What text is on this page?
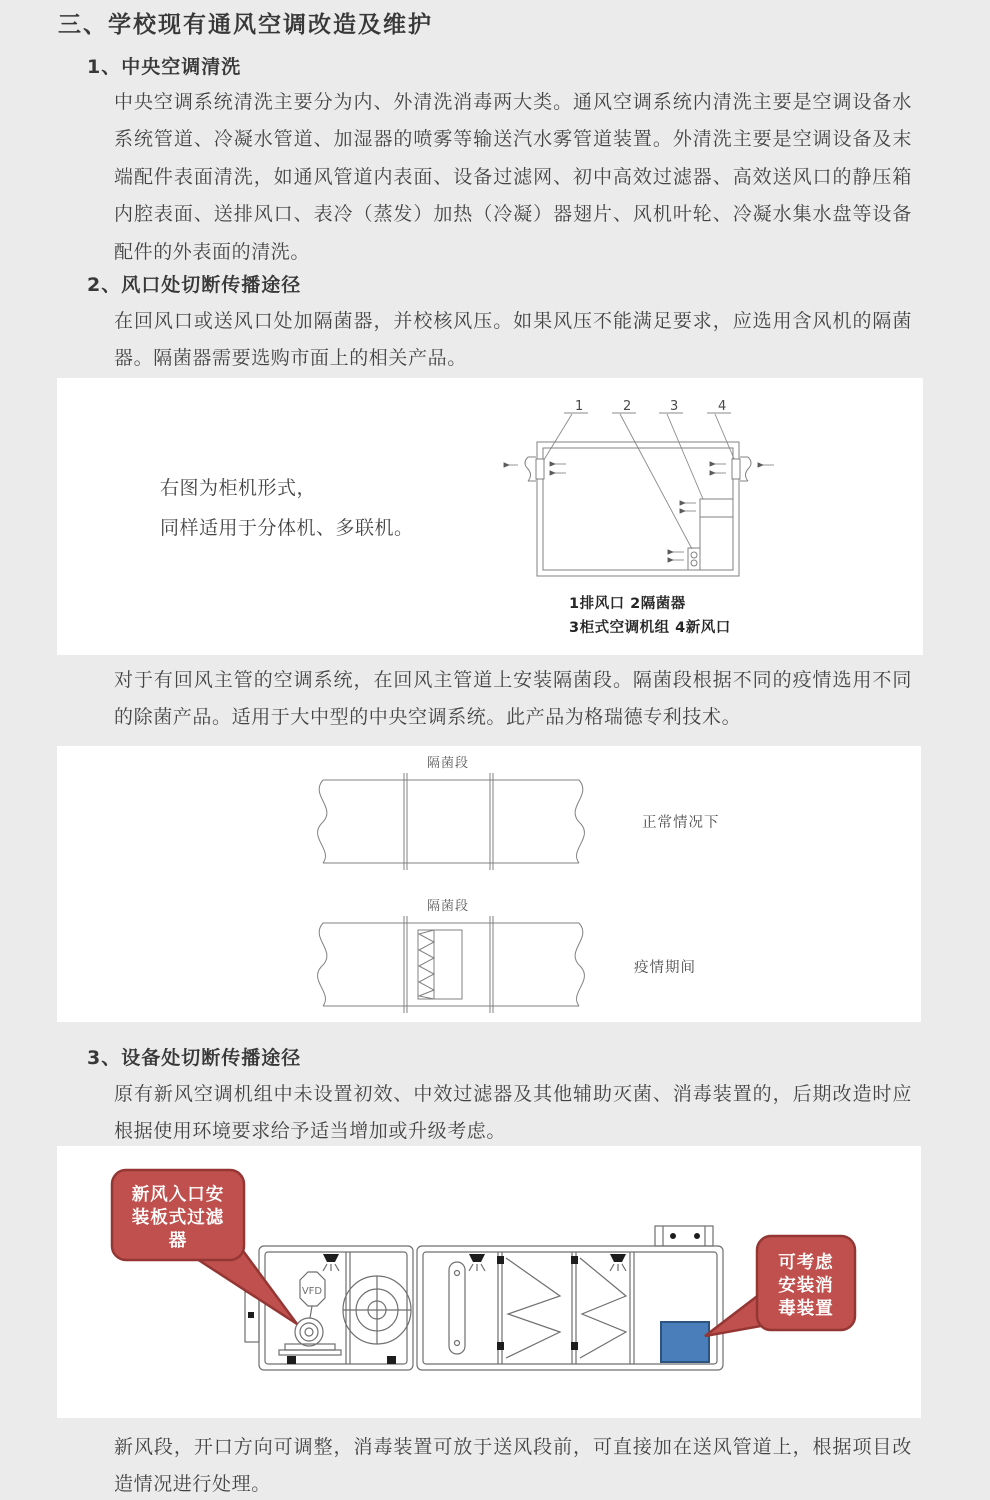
三、学校现有通风空调改造及维护
1、中央空调清洗

中央空调系统清洗主要分为内、外清洗消毒两大类。通风空调系统内清洗主要是空调设备水系统管道、冷凝水管道、加湿器的喷雾等输送汽水雾管道装置。外清洗主要是空调设备及末端配件表面清洗，如通风管道内表面、设备过滤网、初中高效过滤器、高效送风口的静压箱内腔表面、送排风口、表冷（蒸发）加热（冷凝）器翅片、风机叶轮、冷凝水集水盘等设备配件的外表面的清洗。

2、风口处切断传播途径

在回风口或送风口处加隔菌器，并校核风压。如果风压不能满足要求，应选用含风机的隔菌器。隔菌器需要选购市面上的相关产品。

右图为柜机形式，
同样适用于分体机、多联机。
1	2	3	4
1排风口 2隔菌器
3柜式空调机组 4新风口

对于有回风主管的空调系统，在回风主管道上安装隔菌段。隔菌段根据不同的疫情选用不同的除菌产品。适用于大中型的中央空调系统。此产品为格瑞德专利技术。

隔菌段
正常情况下
隔菌段
疫情期间
3、设备处切断传播途径

原有新风空调机组中未设置初效、中效过滤器及其他辅助灭菌、消毒装置的，后期改造时应根据使用环境要求给予适当增加或升级考虑。

VFD
新风入口安
装板式过滤
器
可考虑
安装消
毒装置

新风段，开口方向可调整，消毒装置可放于送风段前，可直接加在送风管道上，根据项目改造情况进行处理。
